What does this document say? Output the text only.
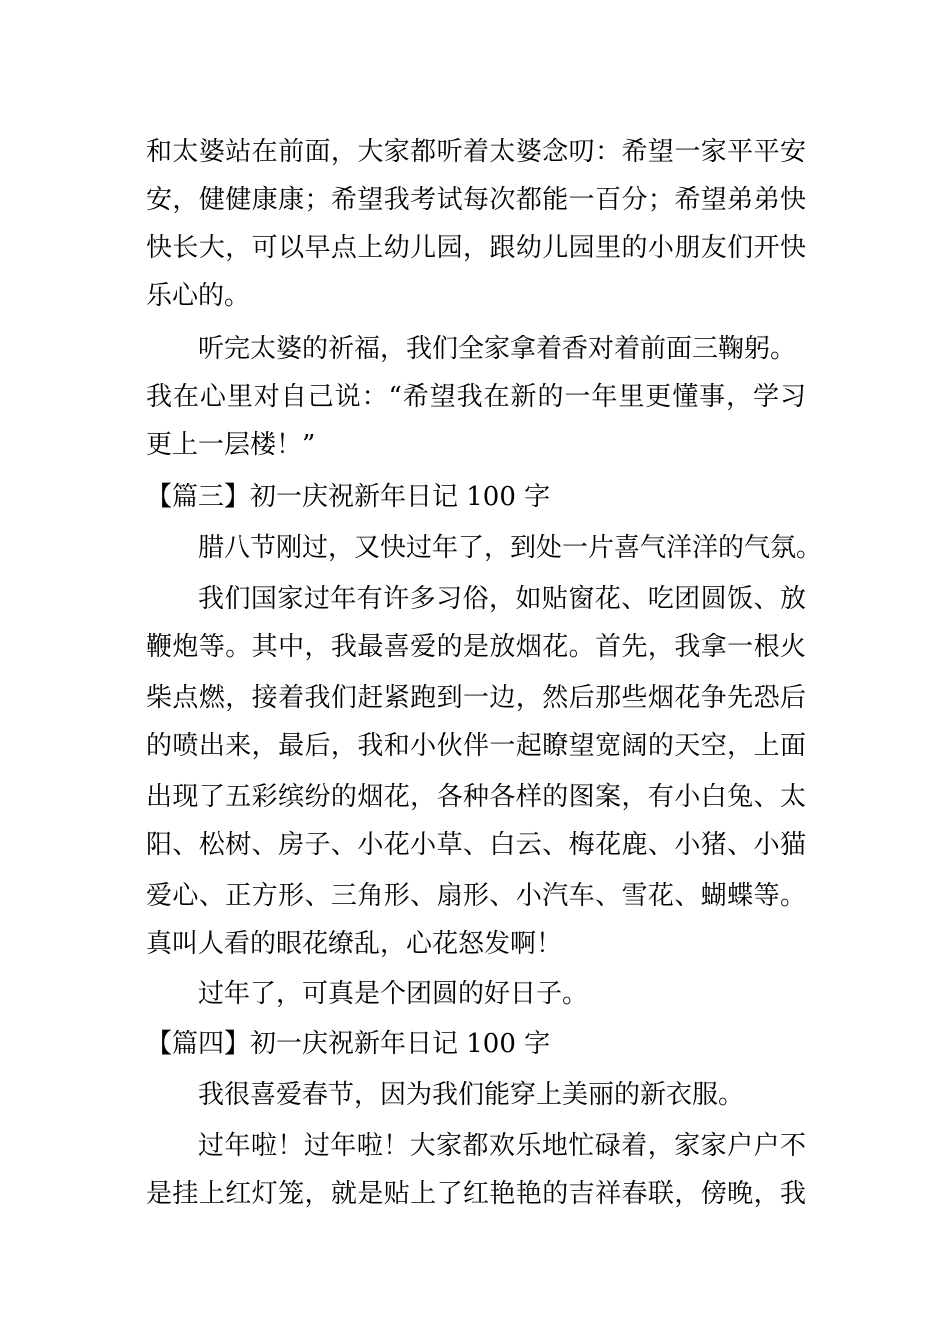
和太婆站在前面，大家都听着太婆念叨：希望一家平平安

安，健健康康；希望我考试每次都能一百分；希望弟弟快

快长大，可以早点上幼儿园，跟幼儿园里的小朋友们开快

乐心的。

听完太婆的祈福，我们全家拿着香对着前面三鞠躬。

我在心里对自己说：“希望我在新的一年里更懂事，学习

更上一层楼！”

【篇三】初一庆祝新年日记 100 字

腊八节刚过，又快过年了，到处一片喜气洋洋的气氛。

我们国家过年有许多习俗，如贴窗花、吃团圆饭、放

鞭炮等。其中，我最喜爱的是放烟花。首先，我拿一根火

柴点燃，接着我们赶紧跑到一边，然后那些烟花争先恐后

的喷出来，最后，我和小伙伴一起瞭望宽阔的天空，上面

出现了五彩缤纷的烟花，各种各样的图案，有小白兔、太

阳、松树、房子、小花小草、白云、梅花鹿、小猪、小猫

爱心、正方形、三角形、扇形、小汽车、雪花、蝴蝶等。

真叫人看的眼花缭乱，心花怒发啊！

过年了，可真是个团圆的好日子。

【篇四】初一庆祝新年日记 100 字

我很喜爱春节，因为我们能穿上美丽的新衣服。

过年啦！过年啦！大家都欢乐地忙碌着，家家户户不

是挂上红灯笼，就是贴上了红艳艳的吉祥春联，傍晚，我
